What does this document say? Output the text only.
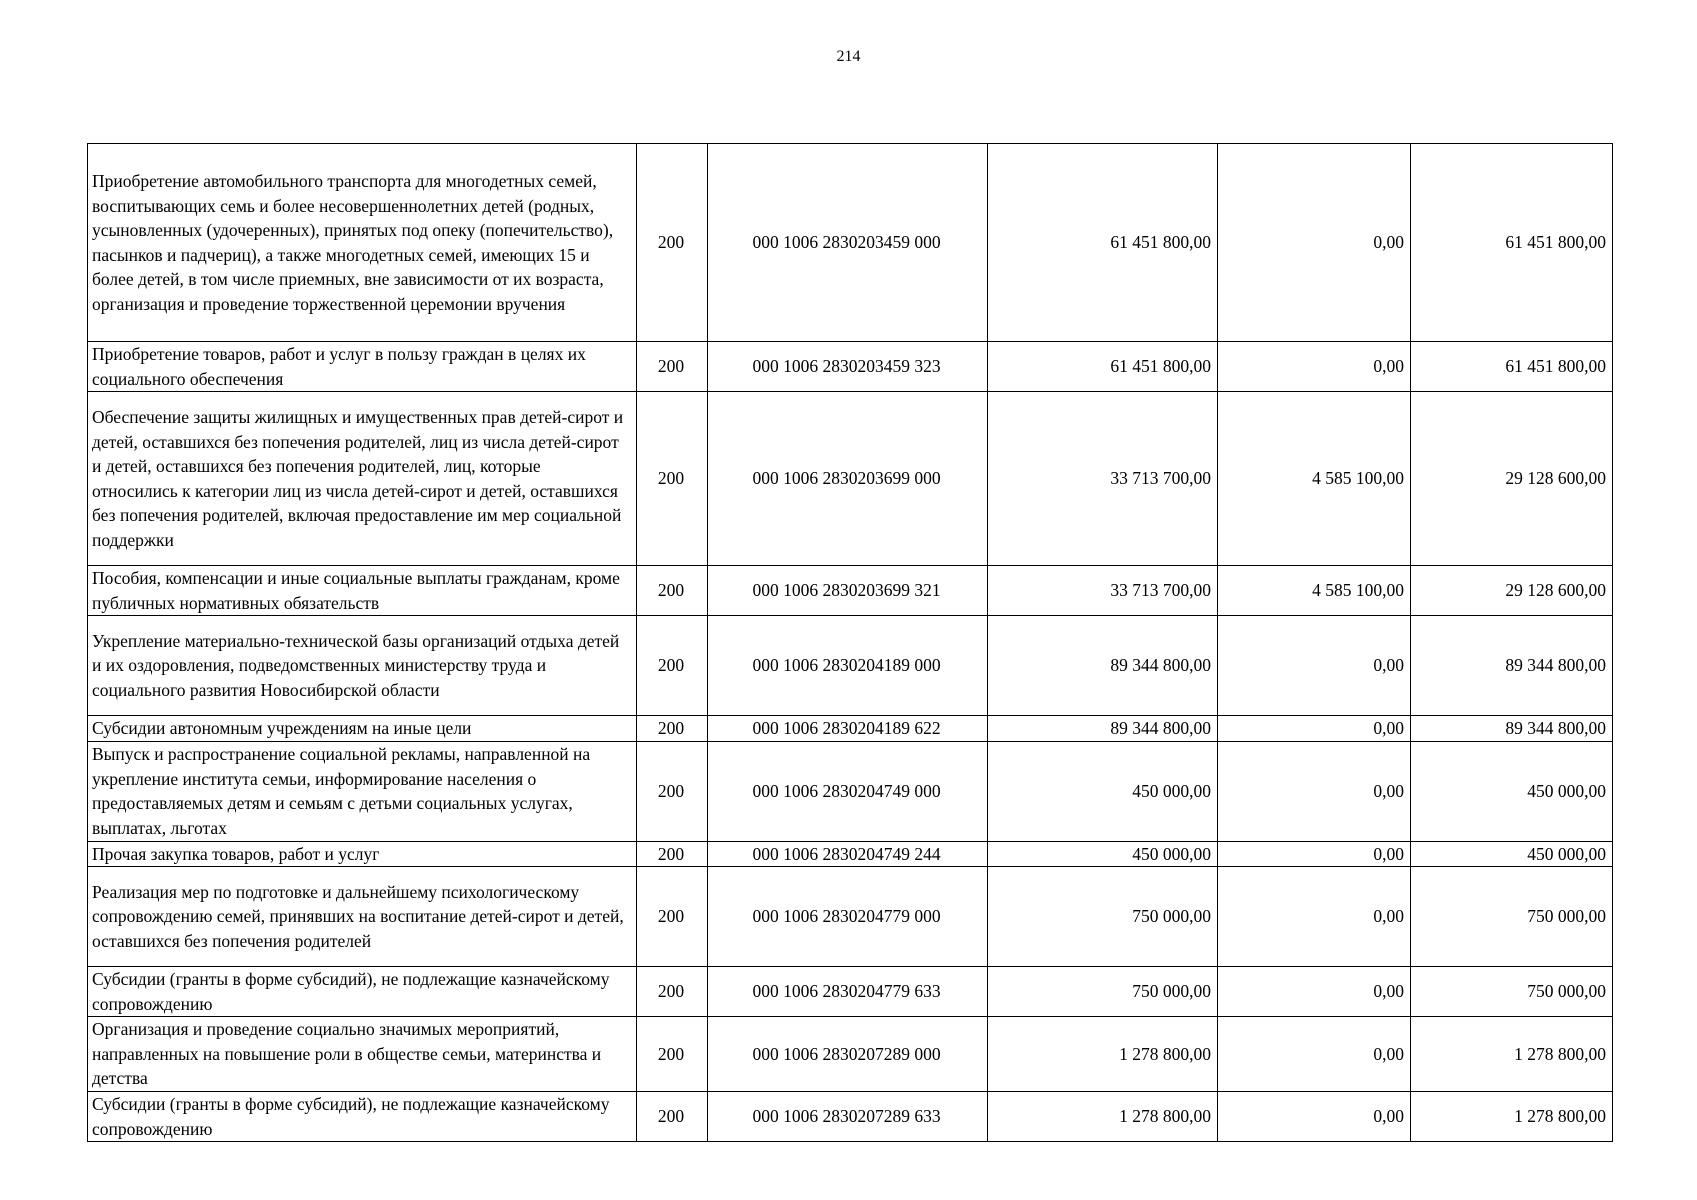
214
Приобретение автомобильного транспорта для многодетных семей, воспитывающих семь и более несовершеннолетних детей (родных, усыновленных (удочеренных), принятых под опеку (попечительство), пасынков и падчериц), а также многодетных семей, имеющих 15 и более детей, в том числе приемных, вне зависимости от их возраста, организация и проведение торжественной церемонии вручения	200	000 1006 2830203459 000	61 451 800,00	0,00	61 451 800,00
Приобретение товаров, работ и услуг в пользу граждан в целях их социального обеспечения	200	000 1006 2830203459 323	61 451 800,00	0,00	61 451 800,00
Обеспечение защиты жилищных и имущественных прав детей-сирот и детей, оставшихся без попечения родителей, лиц из числа детей-сирот и детей, оставшихся без попечения родителей, лиц, которые относились к категории лиц из числа детей-сирот и детей, оставшихся без попечения родителей, включая предоставление им мер социальной поддержки	200	000 1006 2830203699 000	33 713 700,00	4 585 100,00	29 128 600,00
Пособия, компенсации и иные социальные выплаты гражданам, кроме публичных нормативных обязательств	200	000 1006 2830203699 321	33 713 700,00	4 585 100,00	29 128 600,00
Укрепление материально-технической базы организаций отдыха детей и их оздоровления, подведомственных министерству труда и социального развития Новосибирской области	200	000 1006 2830204189 000	89 344 800,00	0,00	89 344 800,00
Субсидии автономным учреждениям на иные цели	200	000 1006 2830204189 622	89 344 800,00	0,00	89 344 800,00
Выпуск и распространение социальной рекламы, направленной на укрепление института семьи, информирование населения о предоставляемых детям и семьям с детьми социальных услугах, выплатах, льготах	200	000 1006 2830204749 000	450 000,00	0,00	450 000,00
Прочая закупка товаров, работ и услуг	200	000 1006 2830204749 244	450 000,00	0,00	450 000,00
Реализация мер по подготовке и дальнейшему психологическому сопровождению семей, принявших на воспитание детей-сирот и детей, оставшихся без попечения родителей	200	000 1006 2830204779 000	750 000,00	0,00	750 000,00
Субсидии (гранты в форме субсидий), не подлежащие казначейскому сопровождению	200	000 1006 2830204779 633	750 000,00	0,00	750 000,00
Организация и проведение социально значимых мероприятий, направленных на повышение роли в обществе семьи, материнства и детства	200	000 1006 2830207289 000	1 278 800,00	0,00	1 278 800,00
Субсидии (гранты в форме субсидий), не подлежащие казначейскому сопровождению	200	000 1006 2830207289 633	1 278 800,00	0,00	1 278 800,00
